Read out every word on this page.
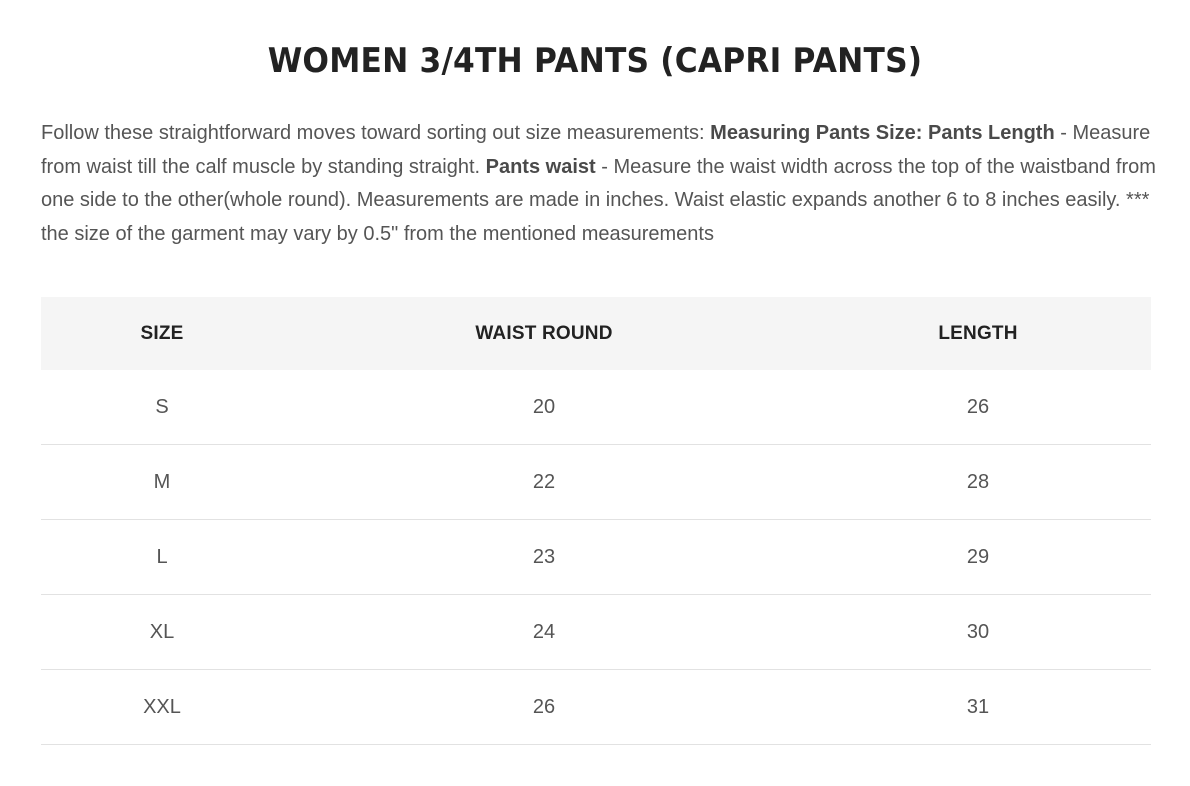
WOMEN 3/4TH PANTS (CAPRI PANTS)

Follow these straightforward moves toward sorting out size measurements: Measuring Pants Size: Pants Length - Measure from waist till the calf muscle by standing straight. Pants waist - Measure the waist width across the top of the waistband from one side to the other(whole round). Measurements are made in inches. Waist elastic expands another 6 to 8 inches easily. *** the size of the garment may vary by 0.5" from the mentioned measurements

SIZE	WAIST ROUND	LENGTH
S	20	26
M	22	28
L	23	29
XL	24	30
XXL	26	31
